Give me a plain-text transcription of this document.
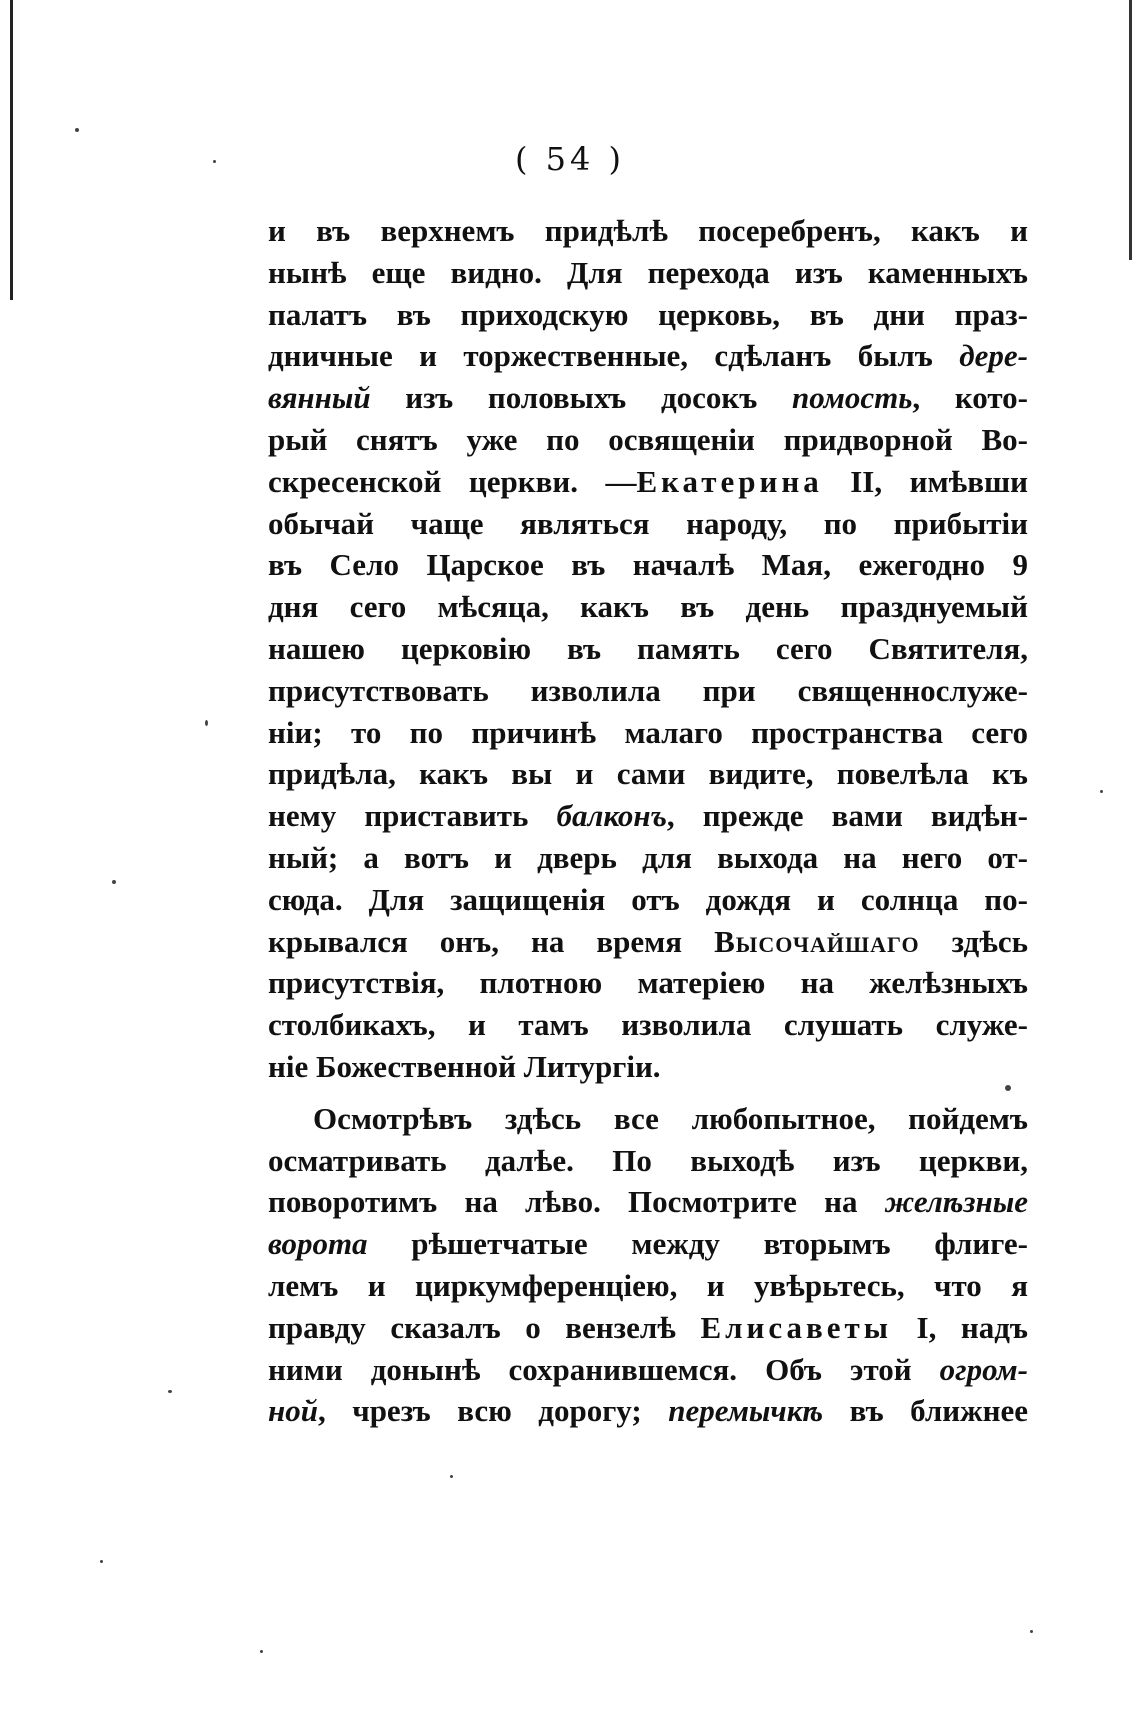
( 54 )
и въ верхнемъ придѣлѣ посеребренъ, какъ и
нынѣ еще видно. Для перехода изъ каменныхъ
палатъ въ приходскую церковь, въ дни праз-
дничные и торжественные, сдѣланъ былъ дере-
вянный изъ половыхъ досокъ помость, кото-
рый снятъ уже по освященіи придворной Во-
скресенской церкви. —Екатерина II, имѣвши
обычай чаще являться народу, по прибытіи
въ Село Царское въ началѣ Мая, ежегодно 9
дня сего мѣсяца, какъ въ день празднуемый
нашею церковію въ память сего Святителя,
присутствовать изволила при священнослуже-
ніи; то по причинѣ малаго пространства сего
придѣла, какъ вы и сами видите, повелѣла къ
нему приставить балконъ, прежде вами видѣн-
ный; а вотъ и дверь для выхода на него от-
сюда. Для защищенія отъ дождя и солнца по-
крывался онъ, на время Высочайшаго здѣсь
присутствія, плотною матеріею на желѣзныхъ
столбикахъ, и тамъ изволила слушать служе-
ніе Божественной Литургіи.
Осмотрѣвъ здѣсь все любопытное, пойдемъ
осматривать далѣе. По выходѣ изъ церкви,
поворотимъ на лѣво. Посмотрите на желѣзные
ворота рѣшетчатые между вторымъ флиге-
лемъ и циркумференціею, и увѣрьтесь, что я
правду сказалъ о вензелѣ Елисаветы I, надъ
ними донынѣ сохранившемся. Объ этой огром-
ной, чрезъ всю дорогу; перемычкѣ въ ближнее
